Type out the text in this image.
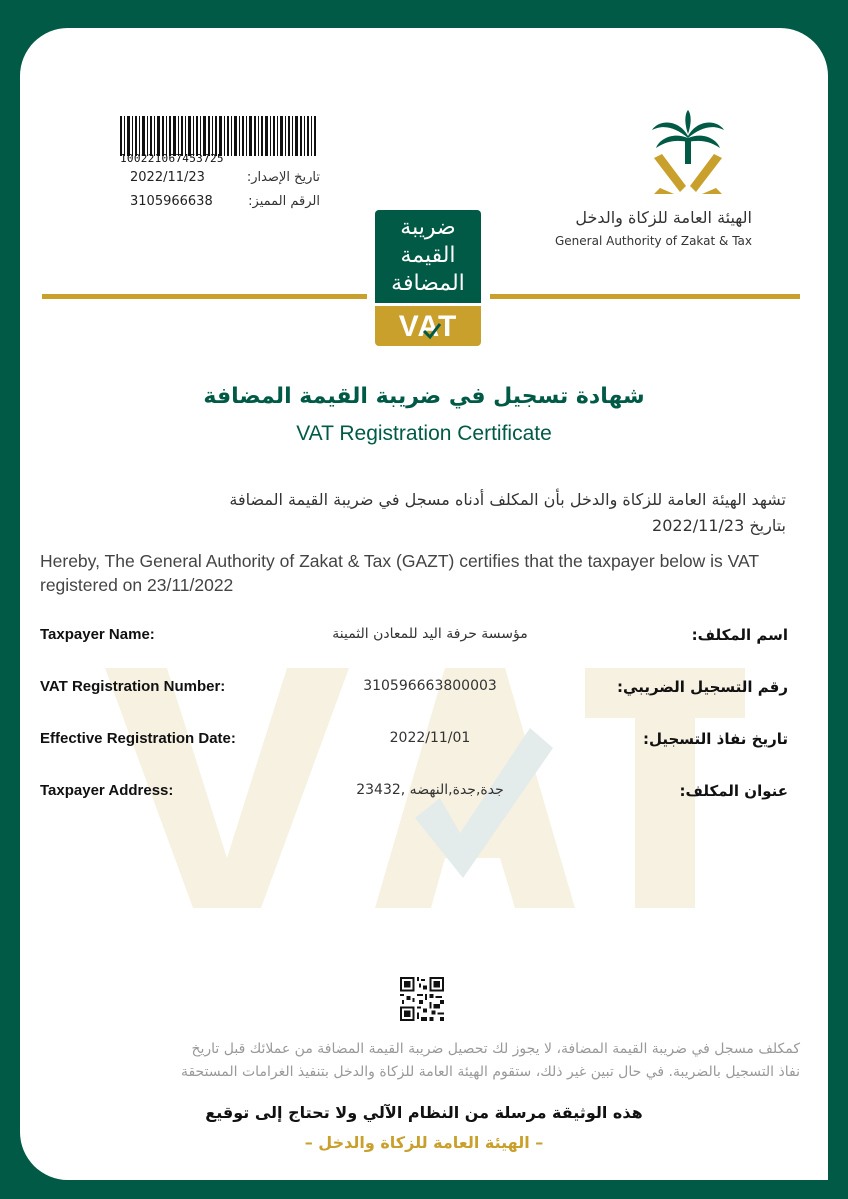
100221067453725
2022/11/23	تاريخ الإصدار:
3105966638	الرقم المميز:
الهيئة العامة للزكاة والدخل
General Authority of Zakat & Tax
ضريبة
القيمة
المضافة
VAT
شهادة تسجيل في ضريبة القيمة المضافة
VAT Registration Certificate
تشهد الهيئة العامة للزكاة والدخل بأن المكلف أدناه مسجل في ضريبة القيمة المضافة
بتاريخ 2022/11/23
Hereby, The General Authority of Zakat & Tax (GAZT) certifies that the taxpayer below is VAT registered on 23/11/2022
Taxpayer Name:	مؤسسة حرفة اليد للمعادن الثمينة	اسم المكلف:
VAT Registration Number:	310596663800003	رقم التسجيل الضريبي:
Effective Registration Date:	2022/11/01	تاريخ نفاذ التسجيل:
Taxpayer Address:	جدة,جدة,النهضه ,23432	عنوان المكلف:
كمكلف مسجل في ضريبة القيمة المضافة، لا يجوز لك تحصيل ضريبة القيمة المضافة من عملائك قبل تاريخ
نفاذ التسجيل بالضريبة. في حال تبين غير ذلك، ستقوم الهيئة العامة للزكاة والدخل بتنفيذ الغرامات المستحقة
هذه الوثيقة مرسلة من النظام الآلي ولا تحتاج إلى توقيع
– الهيئة العامة للزكاة والدخل –
